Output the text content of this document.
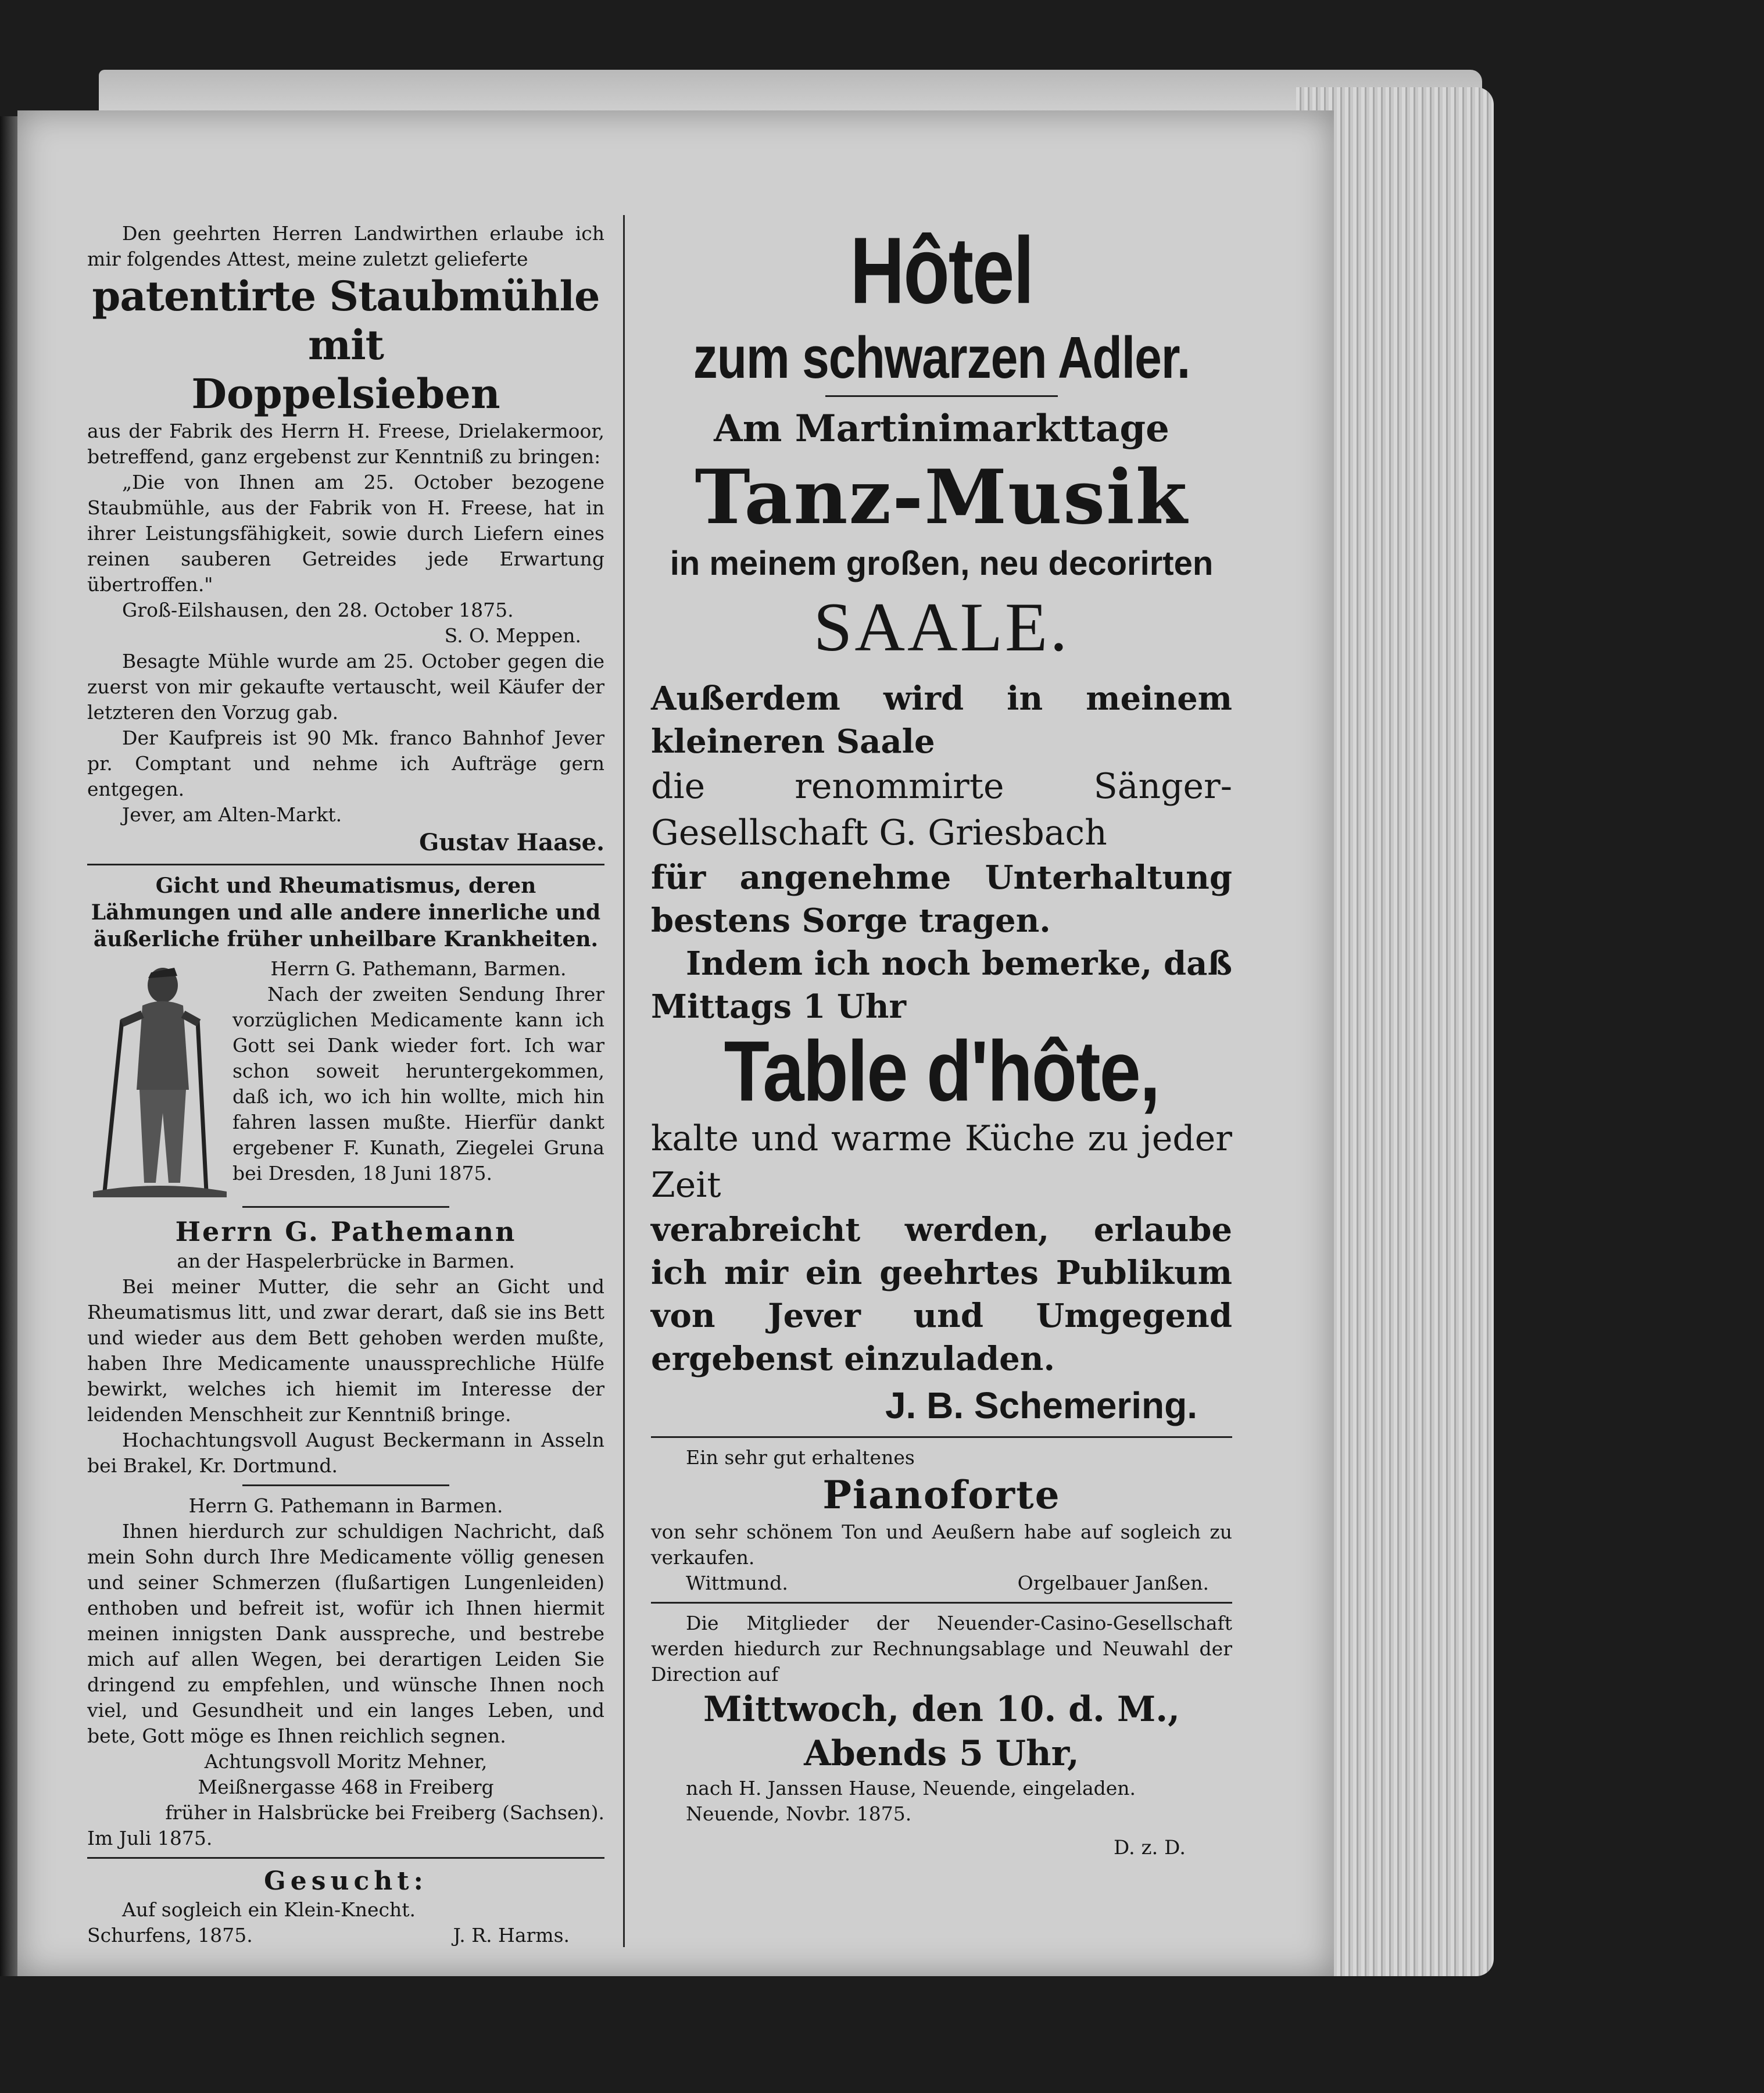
Den geehrten Herren Landwirthen erlaube ich mir folgendes Attest, meine zuletzt gelieferte

patentirte Staubmühle mit

Doppelsieben

aus der Fabrik des Herrn H. Freese, Drielakermoor, betreffend, ganz ergebenst zur Kenntniß zu bringen:

„Die von Ihnen am 25. October bezogene Staubmühle, aus der Fabrik von H. Freese, hat in ihrer Leistungsfähigkeit, sowie durch Liefern eines reinen sauberen Getreides jede Erwartung übertroffen."

Groß-Eilshausen, den 28. October 1875.

S. O. Meppen.

Besagte Mühle wurde am 25. October gegen die zuerst von mir gekaufte vertauscht, weil Käufer der letzteren den Vorzug gab.

Der Kaufpreis ist 90 Mk. franco Bahnhof Jever pr. Comptant und nehme ich Aufträge gern entgegen.

Jever, am Alten-Markt.

Gustav Haase.

Gicht und Rheumatismus, deren Lähmungen und alle andere innerliche und äußerliche früher unheilbare Krankheiten.

Herrn G. Pathemann, Barmen.

Nach der zweiten Sendung Ihrer vorzüglichen Medicamente kann ich Gott sei Dank wieder fort. Ich war schon soweit heruntergekommen, daß ich, wo ich hin wollte, mich hin fahren lassen mußte. Hierfür dankt ergebener F. Kunath, Ziegelei Gruna bei Dresden, 18 Juni 1875.

Herrn G. Pathemann

an der Haspelerbrücke in Barmen.

Bei meiner Mutter, die sehr an Gicht und Rheumatismus litt, und zwar derart, daß sie ins Bett und wieder aus dem Bett gehoben werden mußte, haben Ihre Medicamente unaussprechliche Hülfe bewirkt, welches ich hiemit im Interesse der leidenden Menschheit zur Kenntniß bringe.

Hochachtungsvoll August Beckermann in Asseln bei Brakel, Kr. Dortmund.

Herrn G. Pathemann in Barmen.

Ihnen hierdurch zur schuldigen Nachricht, daß mein Sohn durch Ihre Medicamente völlig genesen und seiner Schmerzen (flußartigen Lungenleiden) enthoben und befreit ist, wofür ich Ihnen hiermit meinen innigsten Dank ausspreche, und bestrebe mich auf allen Wegen, bei derartigen Leiden Sie dringend zu empfehlen, und wünsche Ihnen noch viel, und Gesundheit und ein langes Leben, und bete, Gott möge es Ihnen reichlich segnen.

Achtungsvoll Moritz Mehner,

Meißnergasse 468 in Freiberg

früher in Halsbrücke bei Freiberg (Sachsen).

Im Juli 1875.

Gesucht:

Auf sogleich ein Klein-Knecht.

Schurfens, 1875.	J. R. Harms.

Hôtel

zum schwarzen Adler.

Am Martinimarkttage

Tanz-Musik

in meinem großen, neu decorirten

SAALE.

Außerdem wird in meinem kleineren Saale

die renommirte Sänger-Gesellschaft G. Griesbach

für angenehme Unterhaltung bestens Sorge tragen.

Indem ich noch bemerke, daß Mittags 1 Uhr

Table d'hôte,

kalte und warme Küche zu jeder Zeit

verabreicht werden, erlaube ich mir ein geehrtes Publikum von Jever und Umgegend ergebenst einzuladen.

J. B. Schemering.

Ein sehr gut erhaltenes

Pianoforte

von sehr schönem Ton und Aeußern habe auf sogleich zu verkaufen.

Wittmund.	Orgelbauer Janßen.

Die Mitglieder der Neuender-Casino-Gesellschaft werden hiedurch zur Rechnungsablage und Neuwahl der Direction auf

Mittwoch, den 10. d. M.,

Abends 5 Uhr,

nach H. Janssen Hause, Neuende, eingeladen.

Neuende, Novbr. 1875.

D. z. D.
